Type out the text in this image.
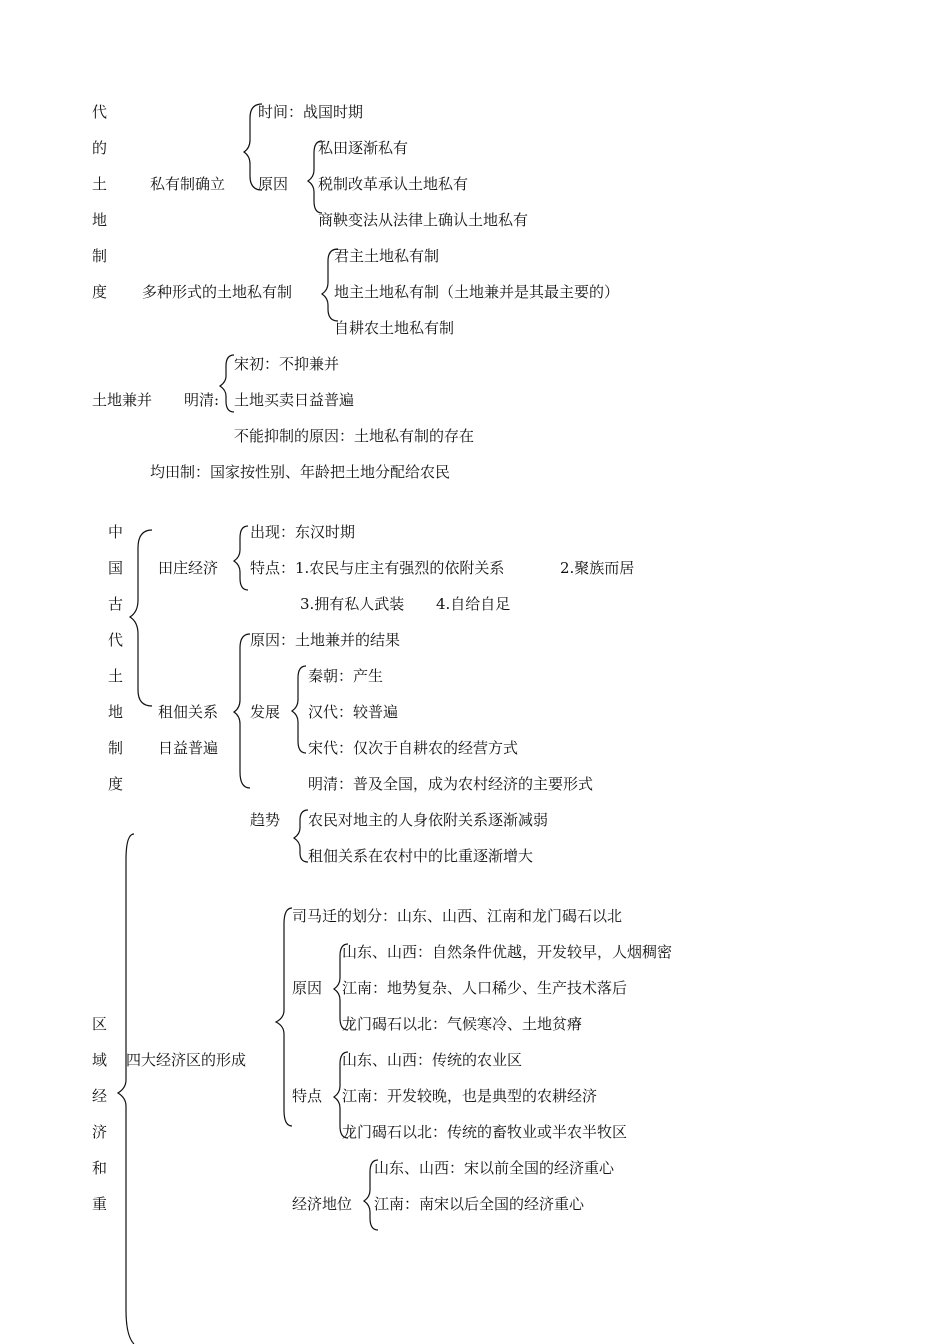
代
的
土
地
制
度
私有制确立
时间：战国时期
原因
私田逐渐私有
税制改革承认土地私有
商鞅变法从法律上确认土地私有
多种形式的土地私有制
君主土地私有制
地主土地私有制（土地兼并是其最主要的）
自耕农土地私有制
土地兼并 明清:
宋初：不抑兼并
土地买卖日益普遍
不能抑制的原因：土地私有制的存在
均田制：国家按性别、年龄把土地分配给农民
中
国
古
代
土
地
制
度
田庄经济
出现：东汉时期
特点：1.农民与庄主有强烈的依附关系	2.聚族而居
3.拥有私人武装 4.自给自足
租佃关系
日益普遍
原因：土地兼并的结果
发展
秦朝：产生
汉代：较普遍
宋代：仅次于自耕农的经营方式
明清：普及全国，成为农村经济的主要形式
趋势 农民对地主的人身依附关系逐渐减弱
租佃关系在农村中的比重逐渐增大
区
域
经
济
和
重
四大经济区的形成
司马迁的划分：山东、山西、江南和龙门碣石以北
原因
山东、山西：自然条件优越，开发较早，人烟稠密
江南：地势复杂、人口稀少、生产技术落后
龙门碣石以北：气候寒冷、土地贫瘠
特点
山东、山西：传统的农业区
江南：开发较晚，也是典型的农耕经济
龙门碣石以北：传统的畜牧业或半农半牧区
经济地位
山东、山西：宋以前全国的经济重心
江南：南宋以后全国的经济重心
